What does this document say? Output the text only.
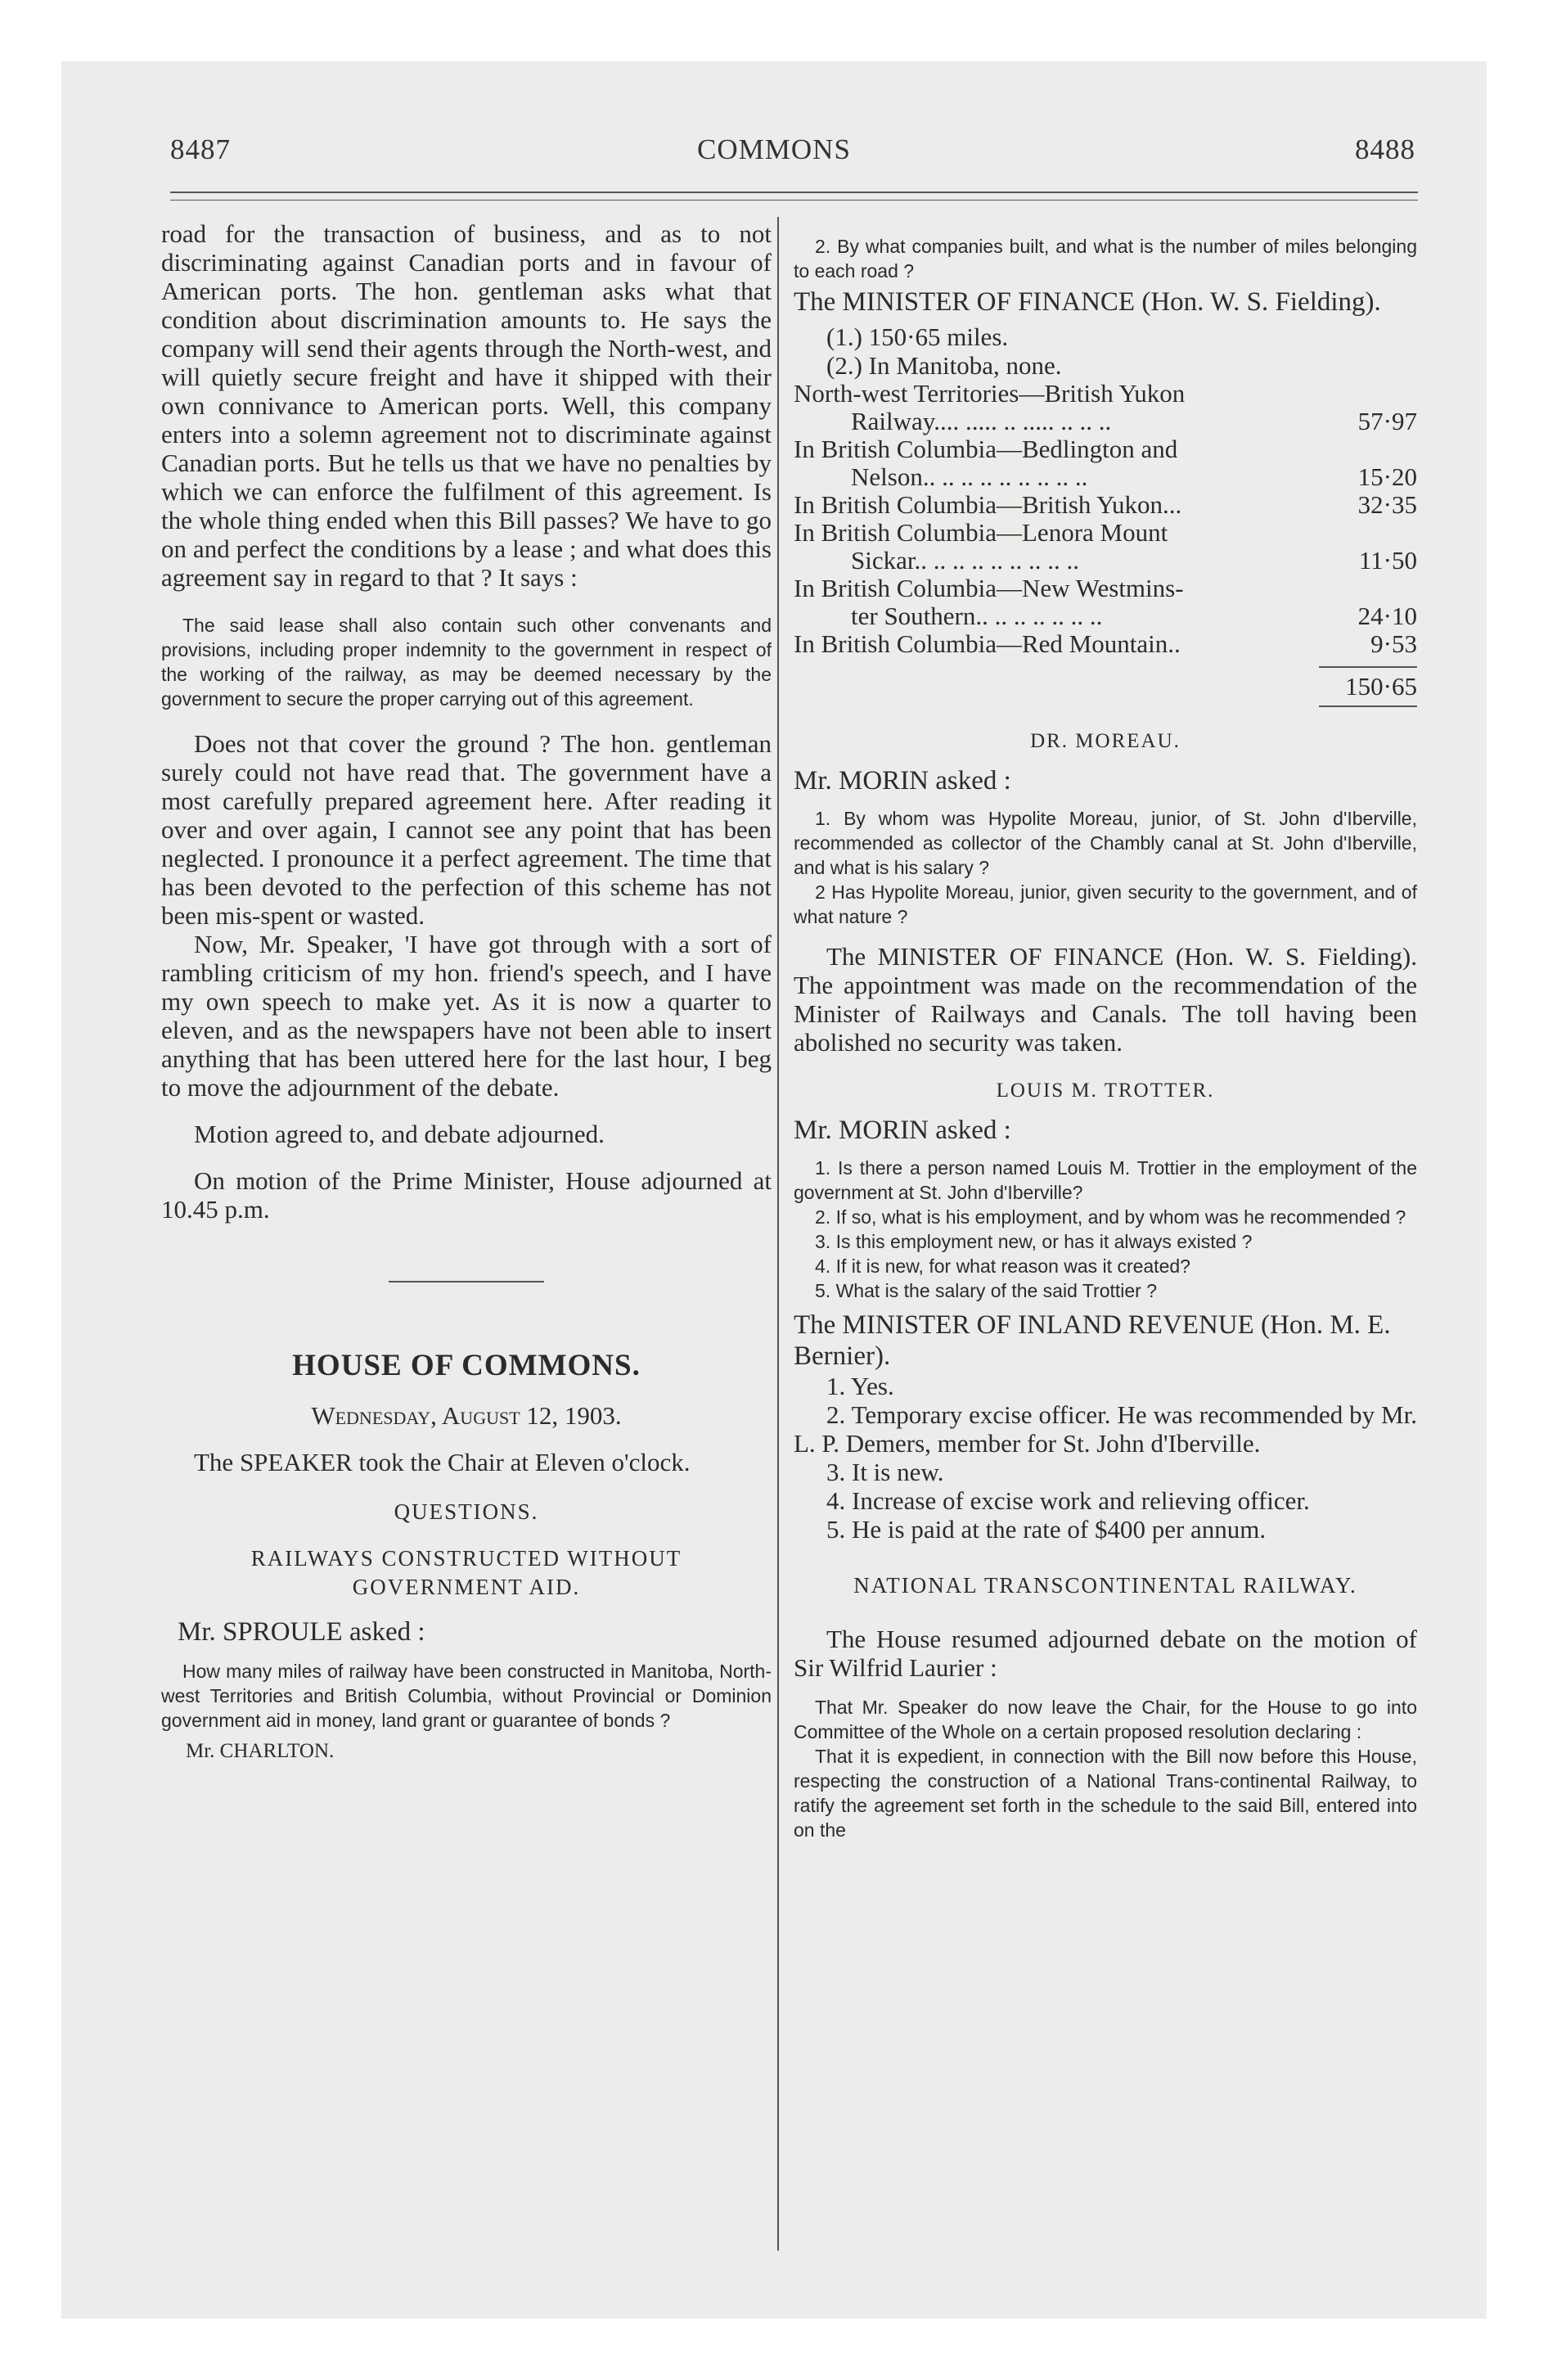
8487	COMMONS	8488

road for the transaction of business, and as to not discriminating against Canadian ports and in favour of American ports. The hon. gentleman asks what that condition about discrimination amounts to. He says the company will send their agents through the North-west, and will quietly secure freight and have it shipped with their own connivance to American ports. Well, this company enters into a solemn agreement not to discriminate against Canadian ports. But he tells us that we have no penalties by which we can enforce the fulfilment of this agreement. Is the whole thing ended when this Bill passes? We have to go on and perfect the conditions by a lease ; and what does this agreement say in regard to that ? It says :

The said lease shall also contain such other convenants and provisions, including proper indemnity to the government in respect of the working of the railway, as may be deemed necessary by the government to secure the proper carrying out of this agreement.

Does not that cover the ground ? The hon. gentleman surely could not have read that. The government have a most carefully prepared agreement here. After reading it over and over again, I cannot see any point that has been neglected. I pronounce it a perfect agreement. The time that has been devoted to the perfection of this scheme has not been mis-spent or wasted.

Now, Mr. Speaker, 'I have got through with a sort of rambling criticism of my hon. friend's speech, and I have my own speech to make yet. As it is now a quarter to eleven, and as the newspapers have not been able to insert anything that has been uttered here for the last hour, I beg to move the adjournment of the debate.

Motion agreed to, and debate adjourned.

On motion of the Prime Minister, House adjourned at 10.45 p.m.

HOUSE OF COMMONS.

Wednesday, August 12, 1903.

The SPEAKER took the Chair at Eleven o'clock.

QUESTIONS.

RAILWAYS CONSTRUCTED WITHOUT GOVERNMENT AID.

Mr. SPROULE asked :

How many miles of railway have been constructed in Manitoba, North-west Territories and British Columbia, without Provincial or Dominion government aid in money, land grant or guarantee of bonds ?

Mr. CHARLTON.

2. By what companies built, and what is the number of miles belonging to each road ?

The MINISTER OF FINANCE (Hon. W. S. Fielding).

(1.) 150·65 miles.

(2.) In Manitoba, none.

North-west Territories—British Yukon
Railway.... ..... .. ..... .. .. ..	57·97
In British Columbia—Bedlington and
Nelson.. .. .. .. .. .. .. .. ..	15·20
In British Columbia—British Yukon...	32·35
In British Columbia—Lenora Mount
Sickar.. .. .. .. .. .. .. .. ..	11·50
In British Columbia—New Westmins-
ter Southern.. .. .. .. .. .. ..	24·10
In British Columbia—Red Mountain..	9·53
150·65

DR. MOREAU.

Mr. MORIN asked :

1. By whom was Hypolite Moreau, junior, of St. John d'Iberville, recommended as collector of the Chambly canal at St. John d'Iberville, and what is his salary ?

2 Has Hypolite Moreau, junior, given security to the government, and of what nature ?

The MINISTER OF FINANCE (Hon. W. S. Fielding). The appointment was made on the recommendation of the Minister of Railways and Canals. The toll having been abolished no security was taken.

LOUIS M. TROTTER.

Mr. MORIN asked :

1. Is there a person named Louis M. Trottier in the employment of the government at St. John d'Iberville?

2. If so, what is his employment, and by whom was he recommended ?

3. Is this employment new, or has it always existed ?

4. If it is new, for what reason was it created?

5. What is the salary of the said Trottier ?

The MINISTER OF INLAND REVENUE (Hon. M. E. Bernier).

1. Yes.

2. Temporary excise officer. He was recommended by Mr. L. P. Demers, member for St. John d'Iberville.

3. It is new.

4. Increase of excise work and relieving officer.

5. He is paid at the rate of $400 per annum.

NATIONAL TRANSCONTINENTAL RAILWAY.

The House resumed adjourned debate on the motion of Sir Wilfrid Laurier :

That Mr. Speaker do now leave the Chair, for the House to go into Committee of the Whole on a certain proposed resolution declaring :

That it is expedient, in connection with the Bill now before this House, respecting the construction of a National Trans-continental Railway, to ratify the agreement set forth in the schedule to the said Bill, entered into on the
